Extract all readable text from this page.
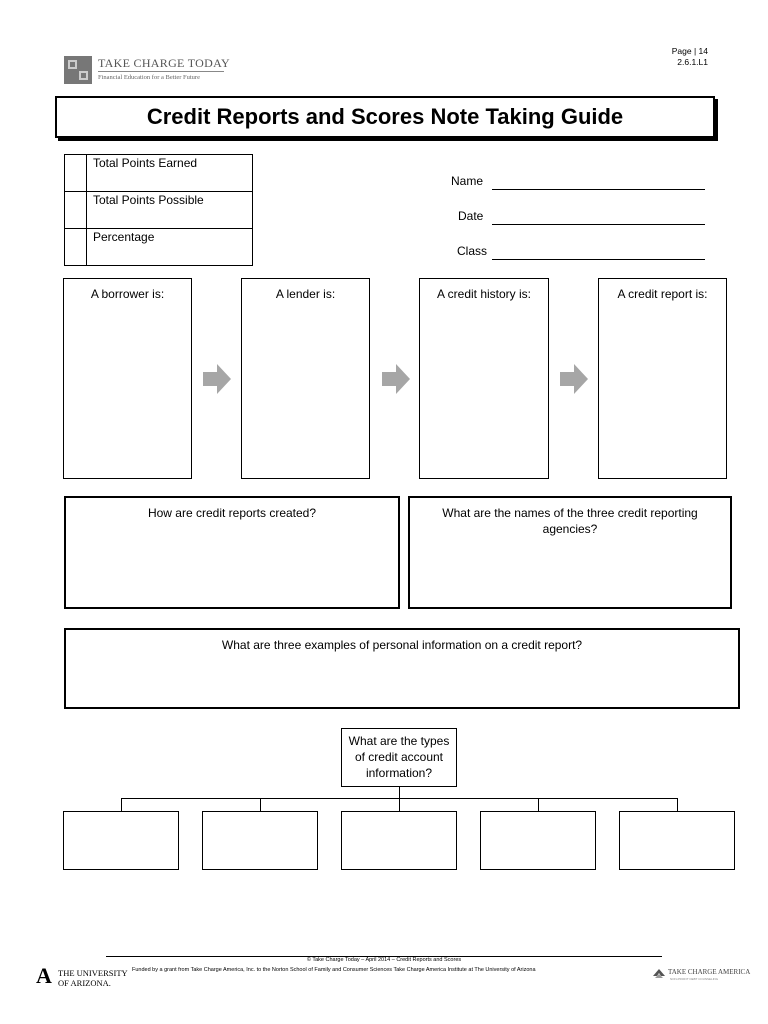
TAKE CHARGE TODAY
Financial Education for a Better Future
Page | 14
2.6.1.L1
Credit Reports and Scores Note Taking Guide
	Total Points Earned
	Total Points Possible
	Percentage
Name
Date
Class
A borrower is:	A lender is:	A credit history is:	A credit report is:
How are credit reports created?	What are the names of the three credit reporting agencies?
What are three examples of personal information on a credit report?
What are the types of credit account information?
© Take Charge Today – April 2014 – Credit Reports and Scores
Funded by a grant from Take Charge America, Inc. to the Norton School of Family and Consumer Sciences Take Charge America Institute at The University of Arizona
A THE UNIVERSITY
OF ARIZONA.
TAKE CHARGE AMERICA
NON-PROFIT DEBT COUNSELING
